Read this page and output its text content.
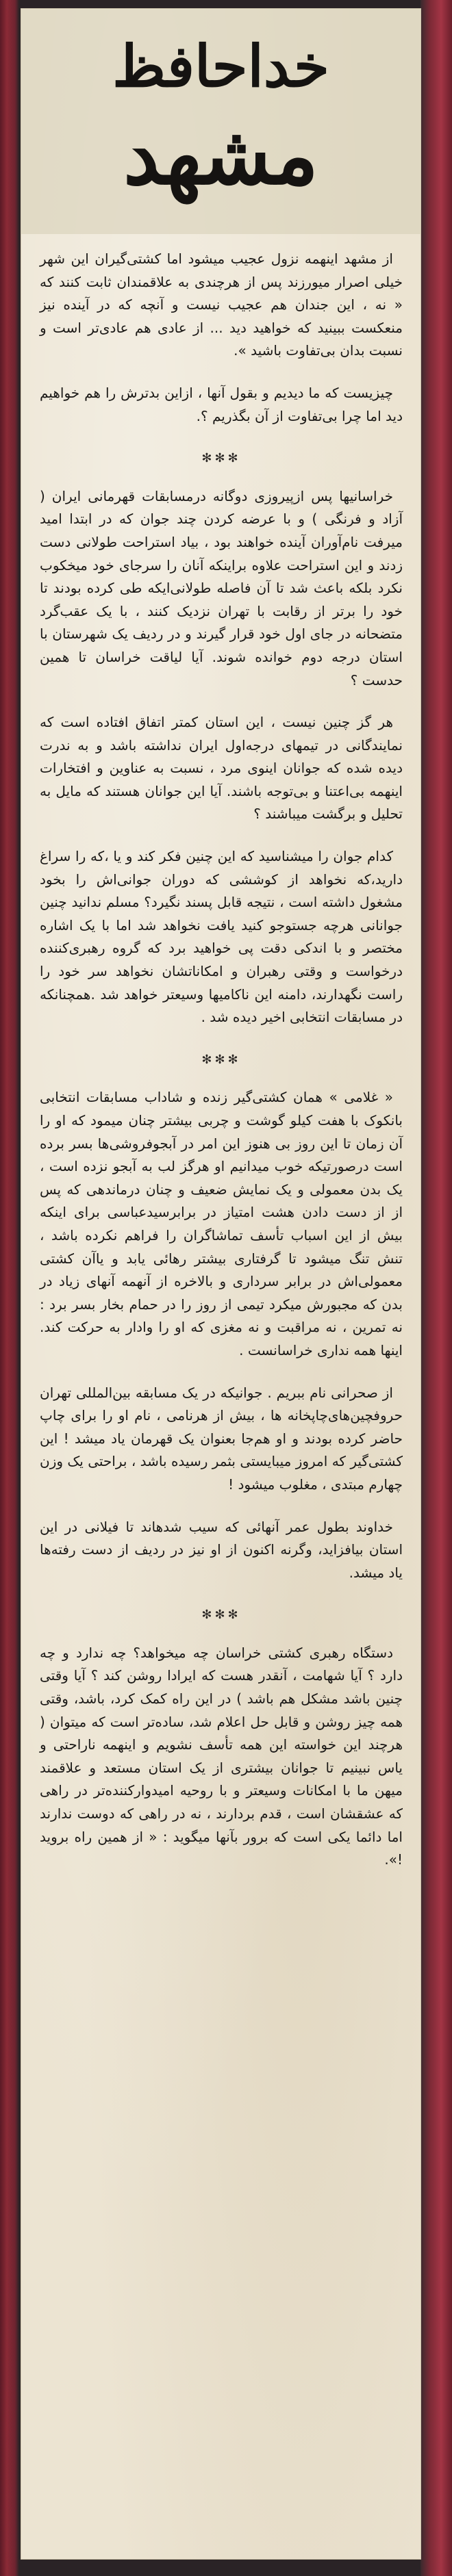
خداحافظ
مشهد

از مشهد اینهمه نزول عجیب میشود اما کشتی‌گیران این شهر خیلی اصرار میورزند پس از هرچندی به علاقمندان ثابت کنند که « نه ، این جندان هم عجیب نیست و آنچه که در آینده نیز منعکست ببینید که خواهید دید ... از عادی هم عادی‌تر است و نسبت بدان بی‌تفاوت باشید ».

چیزیست که ما دیدیم و بقول آنها ، ازاین بدترش را هم خواهیم دید اما چرا بی‌تفاوت از آن بگذریم ؟.

✻✻✻

خراسانیها پس ازپیروزی دوگانه درمسابقات قهرمانی ایران ( آزاد و فرنگی ) و با عرضه کردن چند جوان که در ابتدا امید میرفت نام‌آوران آینده خواهند بود ، بیاد استراحت طولانی دست زدند و این استراحت علاوه براینکه آنان را سرجای خود میخکوب نکرد بلکه باعث شد تا آن فاصله طولانی‌ایکه طی کرده بودند تا خود را برتر از رقابت با تهران نزدیک کنند ، با یک عقب‌گرد متضحانه در جای اول خود قرار گیرند و در ردیف یک شهرستان با استان درجه دوم خوانده شوند. آیا لیاقت خراسان تا همین حدست ؟

هر گز چنین نیست ، این استان کمتر اتفاق افتاده است که نمایندگانی در تیمهای درجه‌اول ایران نداشته باشد و به ندرت دیده شده که جوانان اینوی مرد ، نسبت به عناوین و افتخارات اینهمه بی‌اعتنا و بی‌توجه باشند. آیا این جوانان هستند که مایل به تحلیل و برگشت میباشند ؟

کدام جوان را میشناسید که این چنین فکر کند و یا ،که را سراغ دارید،که نخواهد از کوششی که دوران جوانی‌اش را بخود مشغول داشته است ، نتیجه قابل پسند نگیرد؟ مسلم ندانید چنین جوانانی هرچه جستوجو کنید یافت نخواهد شد اما با یک اشاره مختصر و با اندکی دقت پی خواهید برد که گروه رهبری‌کننده درخواست و وقتی رهبران و امکاناتشان نخواهد سر خود را راست نگهدارند، دامنه این ناکامیها وسیعتر خواهد شد .همچنانکه در مسابقات انتخابی اخیر دیده شد .

✻✻✻

« غلامی » همان کشتی‌گیر زنده و شاداب مسابقات انتخابی بانکوک با هفت کیلو گوشت و چربی بیشتر چنان میمود که او را آن زمان تا این روز بی هنوز این امر در آبجوفروشی‌ها بسر برده است درصورتیکه خوب میدانیم او هرگز لب به آبجو نزده است ، یک بدن معمولی و یک نمایش ضعیف و چنان درماندهی که پس از از دست دادن هشت امتیاز در برابرسیدعباسی برای اینکه بیش از این اسباب تأسف تماشاگران را فراهم نکرده باشد ، تنش تنگ میشود تا گرفتاری بیشتر رهائی یابد و یاآن کشتی معمولی‌اش در برابر سرداری و بالاخره از آنهمه آنهای زیاد در بدن که مجبورش میکرد تیمی از روز را در حمام بخار بسر برد : نه تمرین ، نه مراقبت و نه مغزی که او را وادار به حرکت کند. اینها همه نداری خراسانست .

از صحرانی نام ببریم . جوانیکه در یک مسابقه بین‌المللی تهران حروفچین‌های‌چاپخانه ها ، بیش از هرنامی ، نام او را برای چاپ حاضر کرده بودند و او هم‌جا بعنوان یک قهرمان یاد میشد ! این کشتی‌گیر که امروز میبایستی بثمر رسیده باشد ، براحتی یک وزن چهارم مبتدی ، مغلوب میشود !

خداوند بطول عمر آنهائی که سیب شدهاند تا فیلانی در این استان بیافزاید، وگرنه اکنون از او نیز در ردیف از دست رفته‌ها یاد میشد.

✻✻✻

دستگاه رهبری کشتی خراسان چه میخواهد؟ چه ندارد و چه دارد ؟ آیا شهامت ، آنقدر هست که ایرادا روشن کند ؟ آیا وقتی چنین باشد مشکل هم باشد ) در این راه کمک کرد، باشد، وقتی همه چیز روشن و قابل حل اعلام شد، ساده‌تر است که میتوان ( هرچند این خواسته این همه تأسف نشویم و اینهمه ناراحتی و یاس نبینیم تا جوانان بیشتری از یک استان مستعد و علاقمند میهن ما با امکانات وسیعتر و با روحیه امیدوارکننده‌تر در راهی که عشقشان است ، قدم بردارند ، نه در راهی که دوست ندارند اما دائما یکی است که برور بآنها میگوید : « از همین راه بروید !».
